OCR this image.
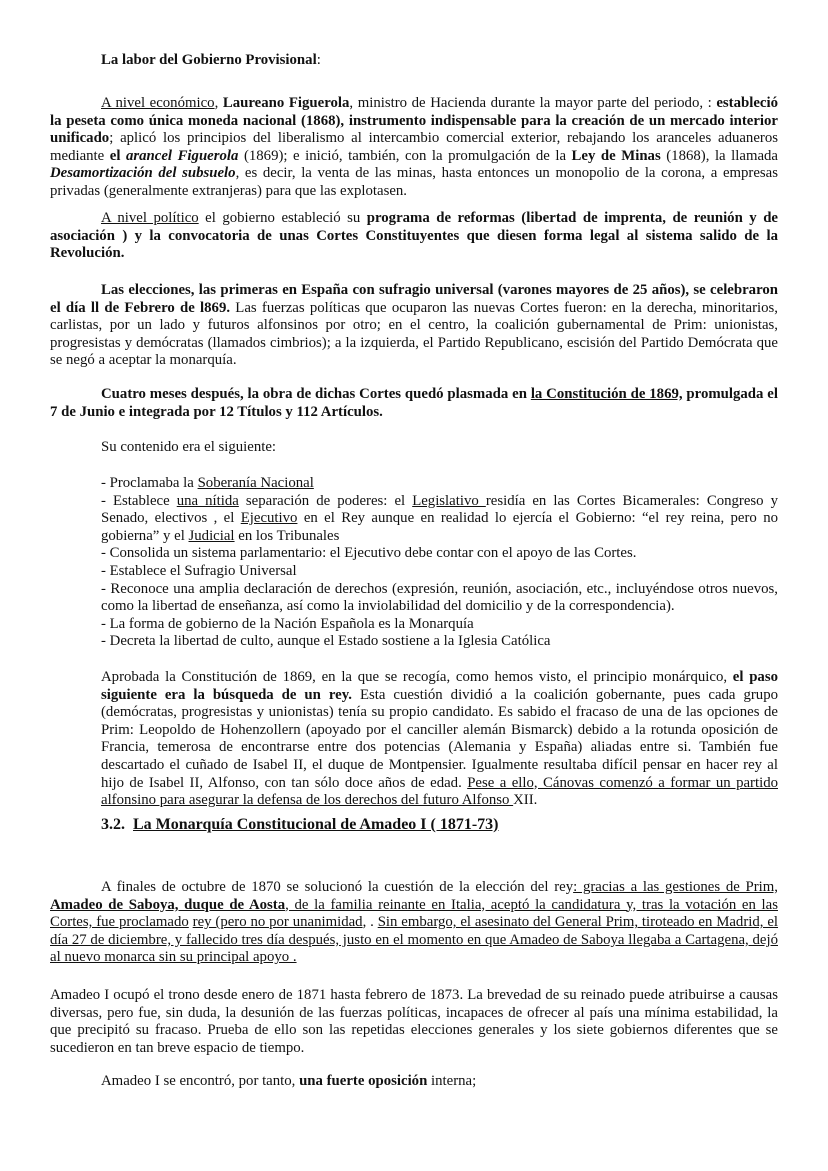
La labor del Gobierno Provisional:
A nivel económico, Laureano Figuerola, ministro de Hacienda durante la mayor parte del periodo, : estableció la peseta como única moneda nacional (1868), instrumento indispensable para la creación de un mercado interior unificado; aplicó los principios del liberalismo al intercambio comercial exterior, rebajando los aranceles aduaneros mediante el arancel Figuerola (1869); e inició, también, con la promulgación de la Ley de Minas (1868), la llamada Desamortización del subsuelo, es decir, la venta de las minas, hasta entonces un monopolio de la corona, a empresas privadas (generalmente extranjeras) para que las explotasen.
A nivel político el gobierno estableció su programa de reformas (libertad de imprenta, de reunión y de asociación ) y la convocatoria de unas Cortes Constituyentes que diesen forma legal al sistema salido de la Revolución.
Las elecciones, las primeras en España con sufragio universal (varones mayores de 25 años), se celebraron el día ll de Febrero de l869. Las fuerzas políticas que ocuparon las nuevas Cortes fueron: en la derecha, minoritarios, carlistas, por un lado y futuros alfonsinos por otro; en el centro, la coalición gubernamental de Prim: unionistas, progresistas y demócratas (llamados cimbrios); a la izquierda, el Partido Republicano, escisión del Partido Demócrata que se negó a aceptar la monarquía.
Cuatro meses después, la obra de dichas Cortes quedó plasmada en la Constitución de 1869, promulgada el 7 de Junio e integrada por 12 Títulos y 112 Artículos.
Su contenido era el siguiente:
- Proclamaba la Soberanía Nacional
- Establece una nítida separación de poderes: el Legislativo residía en las Cortes Bicamerales: Congreso y Senado, electivos , el Ejecutivo en el Rey aunque en realidad lo ejercía el Gobierno: “el rey reina, pero no gobierna” y el Judicial en los Tribunales
- Consolida un sistema parlamentario: el Ejecutivo debe contar con el apoyo de las Cortes.
- Establece el Sufragio Universal
- Reconoce una amplia declaración de derechos (expresión, reunión, asociación, etc., incluyéndose otros nuevos, como la libertad de enseñanza, así como la inviolabilidad del domicilio y de la correspondencia).
- La forma de gobierno de la Nación Española es la Monarquía
- Decreta la libertad de culto, aunque el Estado sostiene a la Iglesia Católica
Aprobada la Constitución de 1869, en la que se recogía, como hemos visto, el principio monárquico, el paso siguiente era la búsqueda de un rey. Esta cuestión dividió a la coalición gobernante, pues cada grupo (demócratas, progresistas y unionistas) tenía su propio candidato. Es sabido el fracaso de una de las opciones de Prim: Leopoldo de Hohenzollern (apoyado por el canciller alemán Bismarck) debido a la rotunda oposición de Francia, temerosa de encontrarse entre dos potencias (Alemania y España) aliadas entre si. También fue descartado el cuñado de Isabel II, el duque de Montpensier. Igualmente resultaba difícil pensar en hacer rey al hijo de Isabel II, Alfonso, con tan sólo doce años de edad. Pese a ello, Cánovas comenzó a formar un partido alfonsino para asegurar la defensa de los derechos del futuro Alfonso XII.
3.2.  La Monarquía Constitucional de Amadeo I ( 1871-73)
A finales de octubre de 1870 se solucionó la cuestión de la elección del rey: gracias a las gestiones de Prim, Amadeo de Saboya, duque de Aosta, de la familia reinante en Italia, aceptó la candidatura y, tras la votación en las Cortes, fue proclamado rey (pero no por unanimidad, . Sin embargo, el asesinato del General Prim, tiroteado en Madrid, el día 27 de diciembre, y fallecido tres día después, justo en el momento en que Amadeo de Saboya llegaba a Cartagena, dejó al nuevo monarca sin su principal apoyo .
Amadeo I ocupó el trono desde enero de 1871 hasta febrero de 1873. La brevedad de su reinado puede atribuirse a causas diversas, pero fue, sin duda, la desunión de las fuerzas políticas, incapaces de ofrecer al país una mínima estabilidad, la que precipitó su fracaso. Prueba de ello son las repetidas elecciones generales y los siete gobiernos diferentes que se sucedieron en tan breve espacio de tiempo.
Amadeo I se encontró, por tanto, una fuerte oposición interna;
